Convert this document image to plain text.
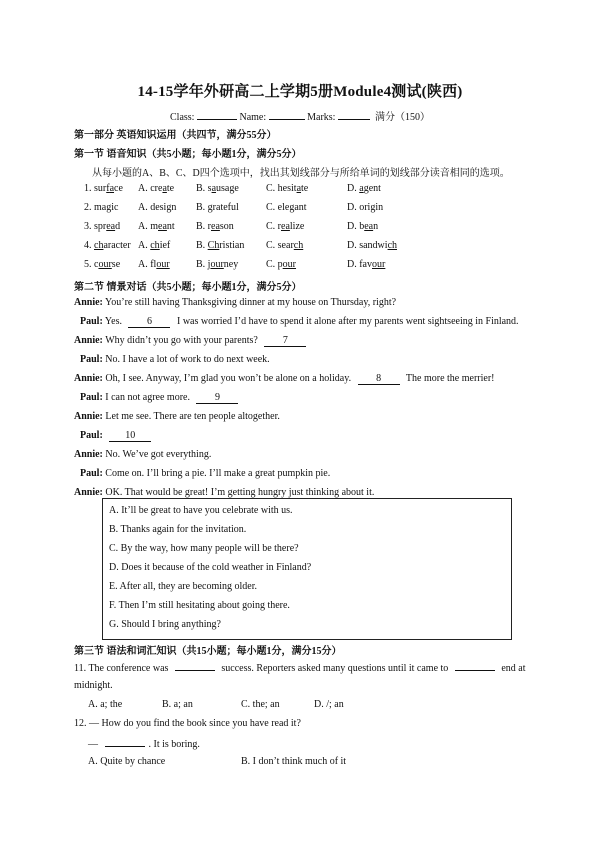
14-15学年外研高二上学期5册Module4测试(陕西)
Class:	Name:	Marks:	满分（150）
第一部分 英语知识运用（共四节，满分55分）
第一节 语音知识（共5小题；每小题1分，满分5分）
从每小题的A、B、C、D四个选项中，找出其划线部分与所给单词的划线部分读音相同的选项。
1. surface A. create B. sausage	C. hesitate	D. agent
2. magic A. design B. grateful	C. elegant	D. origin
3. spread A. meant B. reason	C. realize	D. bean
4. character A. chief	B. Christian C. search	D. sandwich
5. course A. flour	B. journey	C. pour	D. favour
第二节 情景对话（共5小题；每小题1分，满分5分）
Annie: You’re still having Thanksgiving dinner at my house on Thursday, right?
Paul: Yes.	6	I was worried I’d have to spend it alone after my parents went sightseeing in Finland.
Annie: Why didn’t you go with your parents?	7
Paul: No. I have a lot of work to do next week.
Annie: Oh, I see. Anyway, I’m glad you won’t be alone on a holiday.	8 The more the merrier!
Paul: I can not agree more.	9
Annie: Let me see. There are ten people altogether.
Paul: 10
Annie: No. We’ve got everything.
Paul: Come on. I’ll bring a pie. I’ll make a great pumpkin pie.
Annie: OK. That would be great! I’m getting hungry just thinking about it.
A. It’ll be great to have you celebrate with us.
B. Thanks again for the invitation.
C. By the way, how many people will be there?
D. Does it because of the cold weather in Finland?
E. After all, they are becoming older.
F. Then I’m still hesitating about going there.
G. Should I bring anything?
第三节 语法和词汇知识（共15小题；每小题1分，满分15分）
11. The conference was	success. Reporters asked many questions until it came to	end at
midnight.
A. a; the	B. a; an	C. the; an	D. /; an
12. — How do you find the book since you have read it?
—	. It is boring.
A. Quite by chance	B. I don’t think much of it
